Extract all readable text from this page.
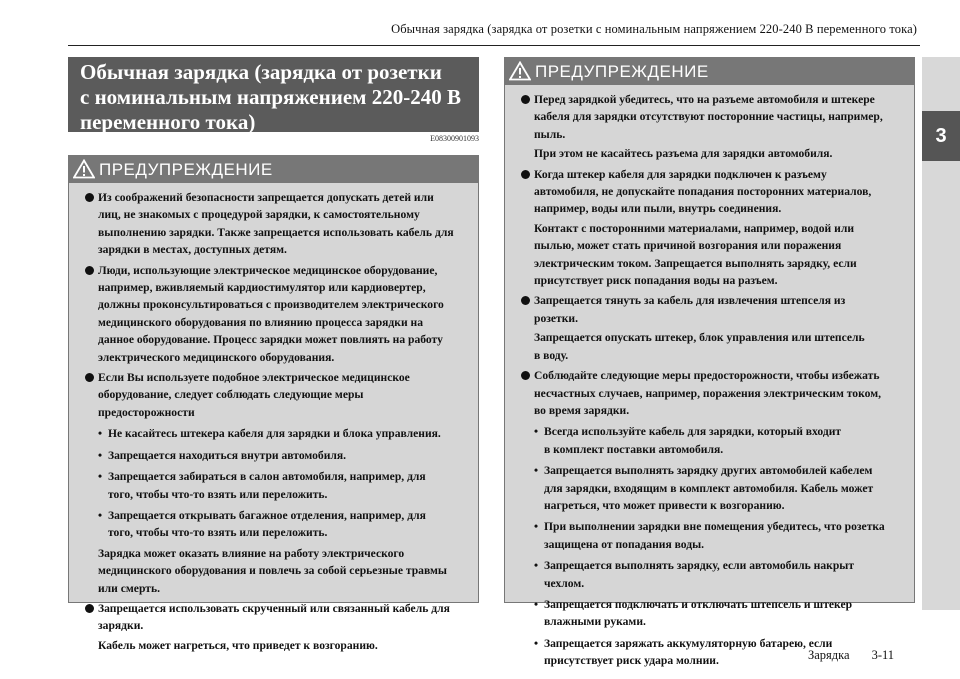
Обычная зарядка (зарядка от розетки с номинальным напряжением 220-240 В переменного тока)
3
Обычная зарядка (зарядка от розетки
с номинальным напряжением 220-240 В
переменного тока)
E08300901093
ПРЕДУПРЕЖДЕНИЕ
Из соображений безопасности запрещается допускать детей или
лиц, не знакомых с процедурой зарядки, к самостоятельному
выполнению зарядки. Также запрещается использовать кабель для
зарядки в местах, доступных детям.
Люди, использующие электрическое медицинское оборудование,
например, вживляемый кардиостимулятор или кардиовертер,
должны проконсультироваться с производителем электрического
медицинского оборудования по влиянию процесса зарядки на
данное оборудование. Процесс зарядки может повлиять на работу
электрического медицинского оборудования.
Если Вы используете подобное электрическое медицинское
оборудование, следует соблюдать следующие меры
предосторожности
• Не касайтесь штекера кабеля для зарядки и блока управления.
• Запрещается находиться внутри автомобиля.
• Запрещается забираться в салон автомобиля, например, для
того, чтобы что-то взять или переложить.
• Запрещается открывать багажное отделения, например, для
того, чтобы что-то взять или переложить.
Зарядка может оказать влияние на работу электрического
медицинского оборудования и повлечь за собой серьезные травмы
или смерть.
Запрещается использовать скрученный или связанный кабель для
зарядки.
Кабель может нагреться, что приведет к возгоранию.
ПРЕДУПРЕЖДЕНИЕ
Перед зарядкой убедитесь, что на разъеме автомобиля и штекере
кабеля для зарядки отсутствуют посторонние частицы, например,
пыль.
При этом не касайтесь разъема для зарядки автомобиля.
Когда штекер кабеля для зарядки подключен к разъему
автомобиля, не допускайте попадания посторонних материалов,
например, воды или пыли, внутрь соединения.
Контакт с посторонними материалами, например, водой или
пылью, может стать причиной возгорания или поражения
электрическим током. Запрещается выполнять зарядку, если
присутствует риск попадания воды на разъем.
Запрещается тянуть за кабель для извлечения штепселя из
розетки.
Запрещается опускать штекер, блок управления или штепсель
в воду.
Соблюдайте следующие меры предосторожности, чтобы избежать
несчастных случаев, например, поражения электрическим током,
во время зарядки.
• Всегда используйте кабель для зарядки, который входит
в комплект поставки автомобиля.
• Запрещается выполнять зарядку других автомобилей кабелем
для зарядки, входящим в комплект автомобиля. Кабель может
нагреться, что может привести к возгоранию.
• При выполнении зарядки вне помещения убедитесь, что розетка
защищена от попадания воды.
• Запрещается выполнять зарядку, если автомобиль накрыт
чехлом.
• Запрещается подключать и отключать штепсель и штекер
влажными руками.
• Запрещается заряжать аккумуляторную батарею, если
присутствует риск удара молнии.	Зарядка 3-11
